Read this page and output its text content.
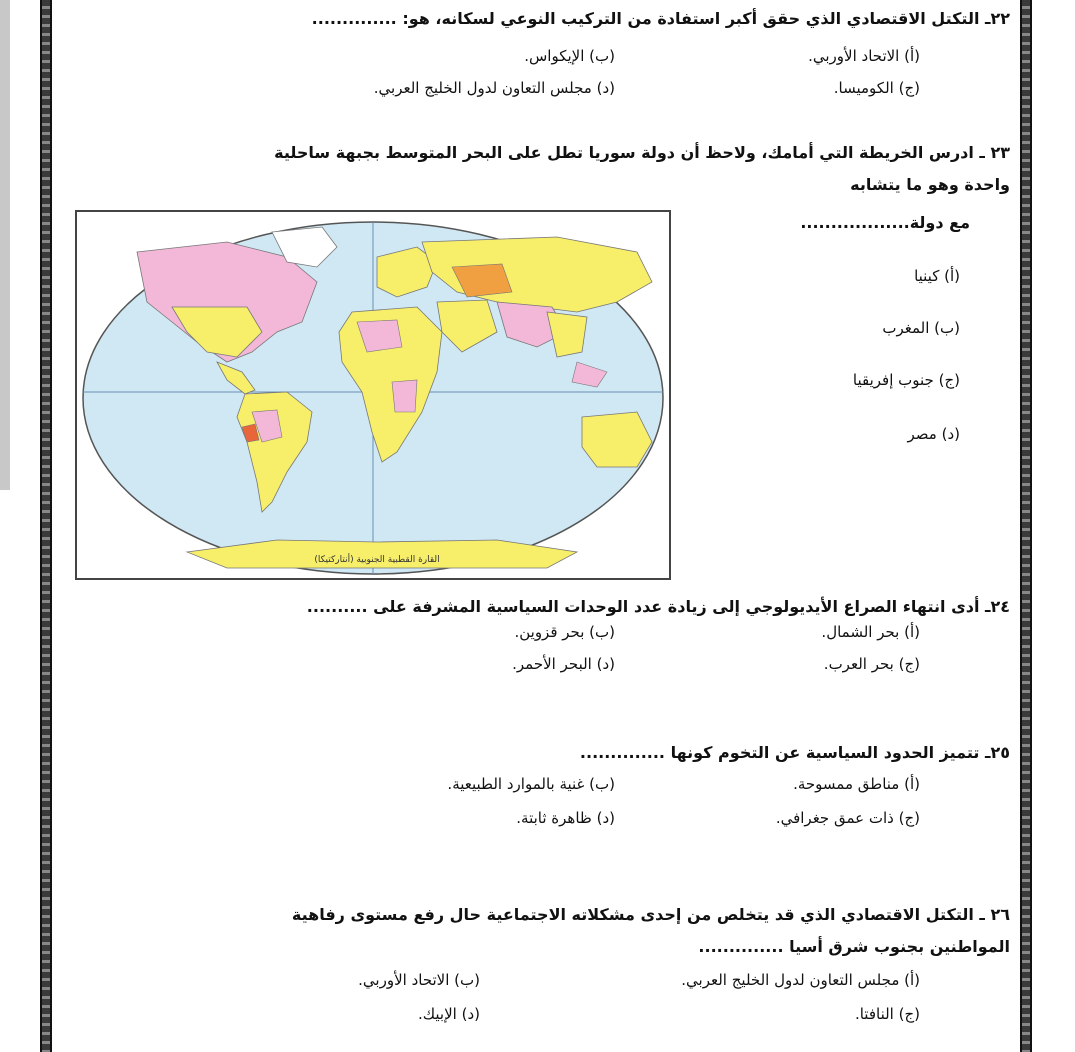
٢٢ـ التكتل الاقتصادي الذي حقق أكبر استفادة من التركيب النوعي لسكانه، هو: ..............
(أ) الاتحاد الأوربي.
(ب) الإيكواس.
(ج) الكوميسا.
(د) مجلس التعاون لدول الخليج العربي.
٢٣ ـ ادرس الخريطة التي أمامك، ولاحظ أن دولة سوريا تطل على البحر المتوسط بجبهة ساحلية
واحدة وهو ما يتشابه
مع دولة..................
(أ) كينيا
(ب) المغرب
(ج) جنوب إفريقيا
(د) مصر
القارة القطبية الجنوبية (أنتاركتيكا)
٢٤ـ أدى انتهاء الصراع الأيديولوجي إلى زيادة عدد الوحدات السياسية المشرفة على ..........
(أ) بحر الشمال.
(ب) بحر قزوين.
(ج) بحر العرب.
(د) البحر الأحمر.
٢٥ـ تتميز الحدود السياسية عن التخوم كونها ..............
(أ) مناطق ممسوحة.
(ب) غنية بالموارد الطبيعية.
(ج) ذات عمق جغرافي.
(د) ظاهرة ثابتة.
٢٦ ـ التكتل الاقتصادي الذي قد يتخلص من إحدى مشكلاته الاجتماعية حال رفع مستوى رفاهية
المواطنين بجنوب شرق أسيا ..............
(أ) مجلس التعاون لدول الخليج العربي.
(ب) الاتحاد الأوربي.
(ج) النافتا.
(د) الإبيك.
